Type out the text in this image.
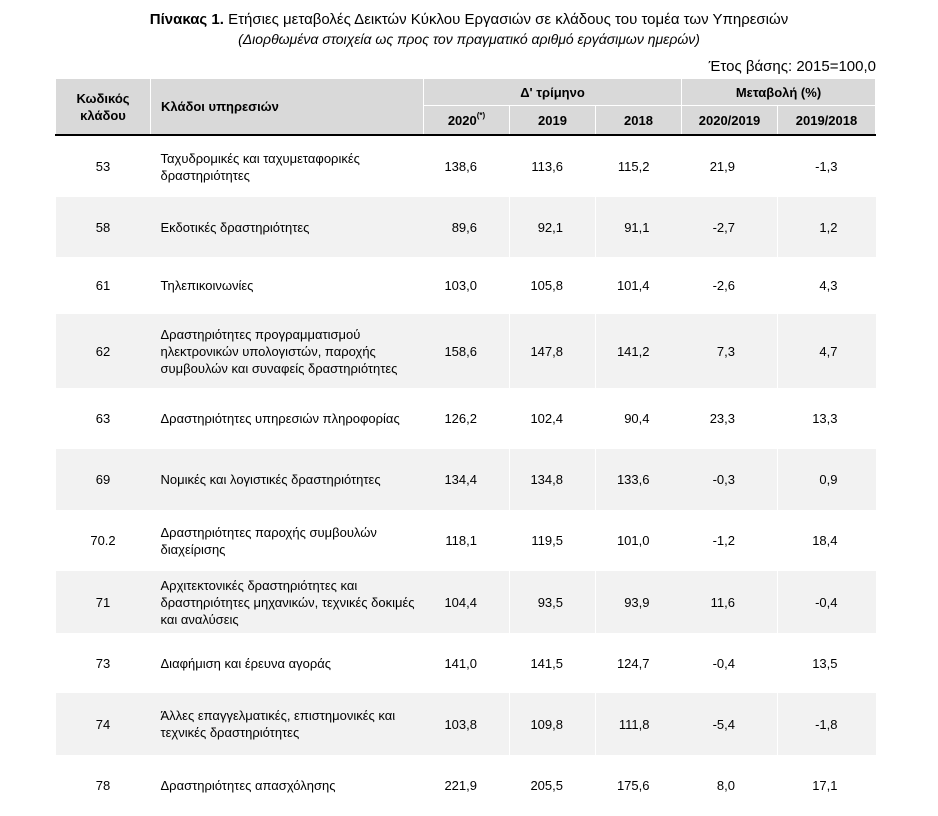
Πίνακας 1. Ετήσιες μεταβολές Δεικτών Κύκλου Εργασιών σε κλάδους του τομέα των Υπηρεσιών
(Διορθωμένα στοιχεία ως προς τον πραγματικό αριθμό εργάσιμων ημερών)
Έτος βάσης: 2015=100,0
Κωδικός
κλάδου	Κλάδοι υπηρεσιών	Δ' τρίμηνο			Μεταβολή (%)	
		2020(*)	2019	2018	2020/2019	2019/2018
53	Ταχυδρομικές και ταχυμεταφορικές δραστηριότητες	138,6	113,6	115,2	21,9	-1,3
58	Εκδοτικές δραστηριότητες	89,6	92,1	91,1	-2,7	1,2
61	Τηλεπικοινωνίες	103,0	105,8	101,4	-2,6	4,3
62	Δραστηριότητες προγραμματισμού ηλεκτρονικών υπολογιστών, παροχής συμβουλών και συναφείς δραστηριότητες	158,6	147,8	141,2	7,3	4,7
63	Δραστηριότητες υπηρεσιών πληροφορίας	126,2	102,4	90,4	23,3	13,3
69	Νομικές και λογιστικές δραστηριότητες	134,4	134,8	133,6	-0,3	0,9
70.2	Δραστηριότητες παροχής συμβουλών διαχείρισης	118,1	119,5	101,0	-1,2	18,4
71	Αρχιτεκτονικές δραστηριότητες και δραστηριότητες μηχανικών, τεχνικές δοκιμές και αναλύσεις	104,4	93,5	93,9	11,6	-0,4
73	Διαφήμιση και έρευνα αγοράς	141,0	141,5	124,7	-0,4	13,5
74	Άλλες επαγγελματικές, επιστημονικές και τεχνικές δραστηριότητες	103,8	109,8	111,8	-5,4	-1,8
78	Δραστηριότητες απασχόλησης	221,9	205,5	175,6	8,0	17,1
